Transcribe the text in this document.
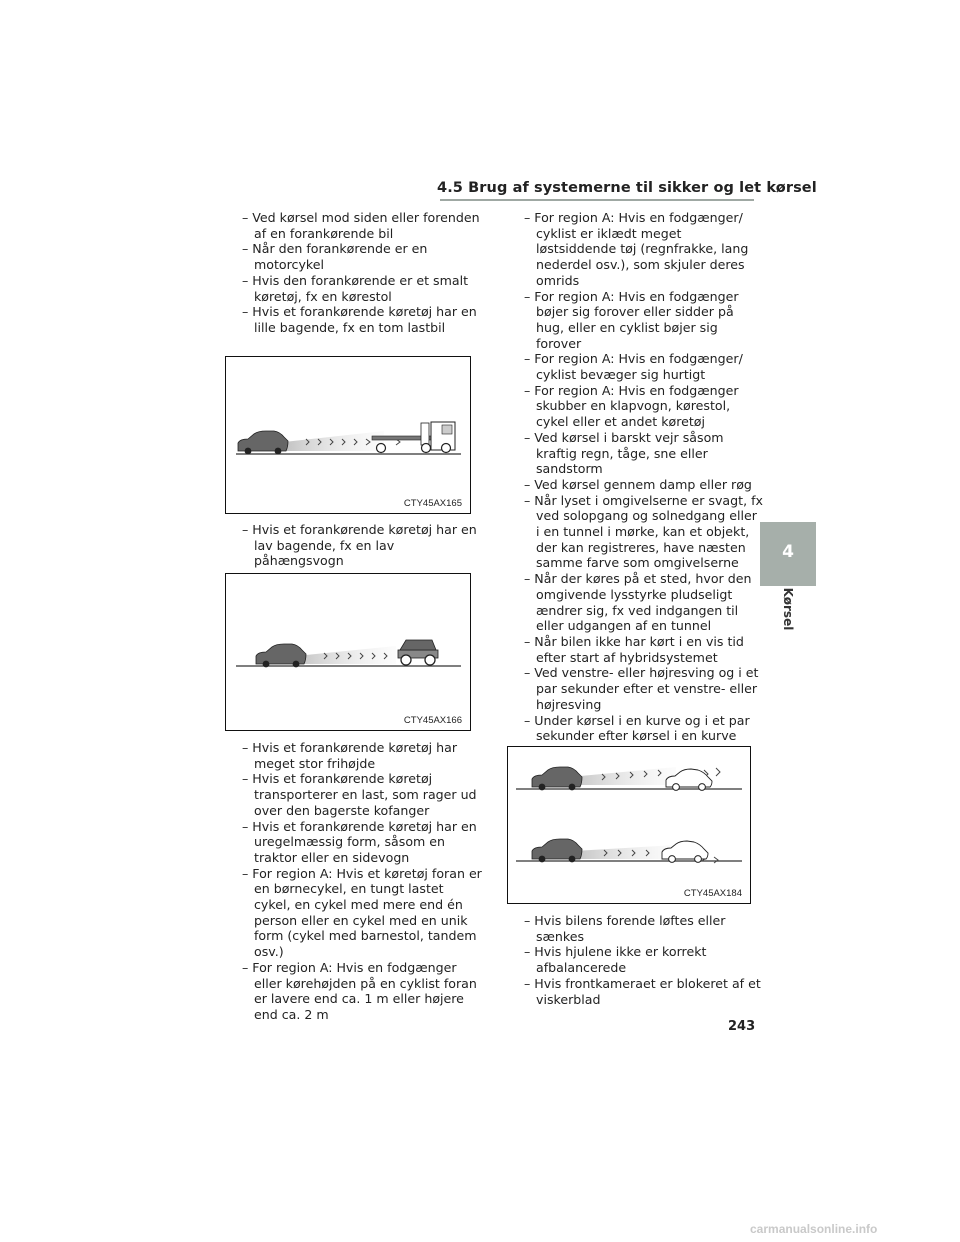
4.5 Brug af systemerne til sikker og let kørsel

– Ved kørsel mod siden eller forenden af en forankørende bil

– Når den forankørende er en motorcykel

– Hvis den forankørende er et smalt køretøj, fx en kørestol

– Hvis et forankørende køretøj har en lille bagende, fx en tom lastbil

CTY45AX165

– Hvis et forankørende køretøj har en lav bagende, fx en lav påhængsvogn

CTY45AX166

– Hvis et forankørende køretøj har meget stor frihøjde

– Hvis et forankørende køretøj transporterer en last, som rager ud over den bagerste kofanger

– Hvis et forankørende køretøj har en uregelmæssig form, såsom en traktor eller en sidevogn

– For region A: Hvis et køretøj foran er en børnecykel, en tungt lastet cykel, en cykel med mere end én person eller en cykel med en unik form (cykel med barnestol, tandem osv.)

– For region A: Hvis en fodgænger eller kørehøjden på en cyklist foran er lavere end ca. 1 m eller højere end ca. 2 m

– For region A: Hvis en fodgænger/ cyklist er iklædt meget løstsiddende tøj (regnfrakke, lang nederdel osv.), som skjuler deres omrids

– For region A: Hvis en fodgænger bøjer sig forover eller sidder på hug, eller en cyklist bøjer sig forover

– For region A: Hvis en fodgænger/ cyklist bevæger sig hurtigt

– For region A: Hvis en fodgænger skubber en klapvogn, kørestol, cykel eller et andet køretøj

– Ved kørsel i barskt vejr såsom kraftig regn, tåge, sne eller sandstorm

– Ved kørsel gennem damp eller røg

– Når lyset i omgivelserne er svagt, fx ved solopgang og solnedgang eller i en tunnel i mørke, kan et objekt, der kan registreres, have næsten samme farve som omgivelserne

– Når der køres på et sted, hvor den omgivende lysstyrke pludseligt ændrer sig, fx ved indgangen til eller udgangen af en tunnel

– Når bilen ikke har kørt i en vis tid efter start af hybridsystemet

– Ved venstre- eller højresving og i et par sekunder efter et venstre- eller højresving

– Under kørsel i en kurve og i et par sekunder efter kørsel i en kurve

CTY45AX184

– Hvis bilens forende løftes eller sænkes

– Hvis hjulene ikke er korrekt afbalancerede

– Hvis frontkameraet er blokeret af et viskerblad

4
Kørsel
243
carmanualsonline.info
